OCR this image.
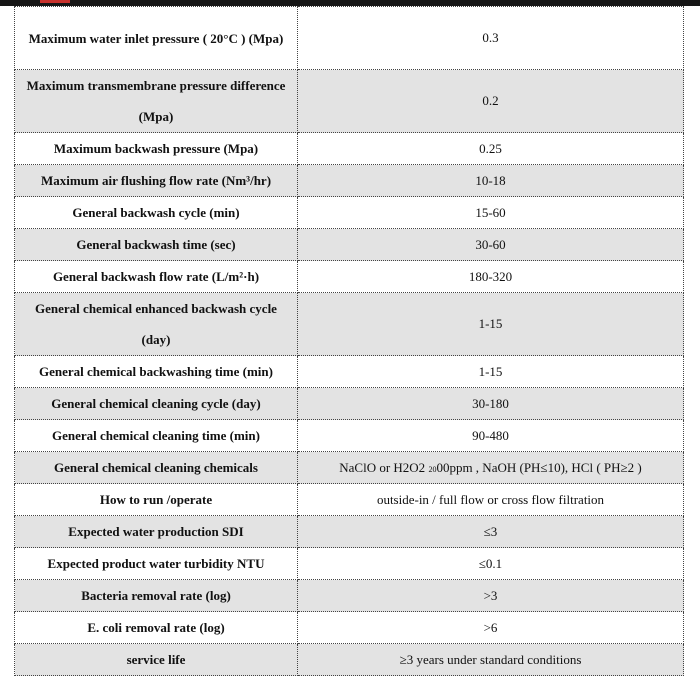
Maximum water inlet pressure ( 20°C ) (Mpa)	0.3
Maximum transmembrane pressure difference (Mpa)	0.2
Maximum backwash pressure (Mpa)	0.25
Maximum air flushing flow rate (Nm³/hr)	10-18
General backwash cycle (min)	15-60
General backwash time (sec)	30-60
General backwash flow rate (L/m²·h)	180-320
General chemical enhanced backwash cycle (day)	1-15
General chemical backwashing time (min)	1-15
General chemical cleaning cycle (day)	30-180
General chemical cleaning time (min)	90-480
General chemical cleaning chemicals	NaClO or H2O2 2000ppm , NaOH (PH≤10), HCl ( PH≥2 )
How to run /operate	outside-in / full flow or cross flow filtration
Expected water production SDI	≤3
Expected product water turbidity NTU	≤0.1
Bacteria removal rate (log)	>3
E. coli removal rate (log)	>6
service life	≥3 years under standard conditions
